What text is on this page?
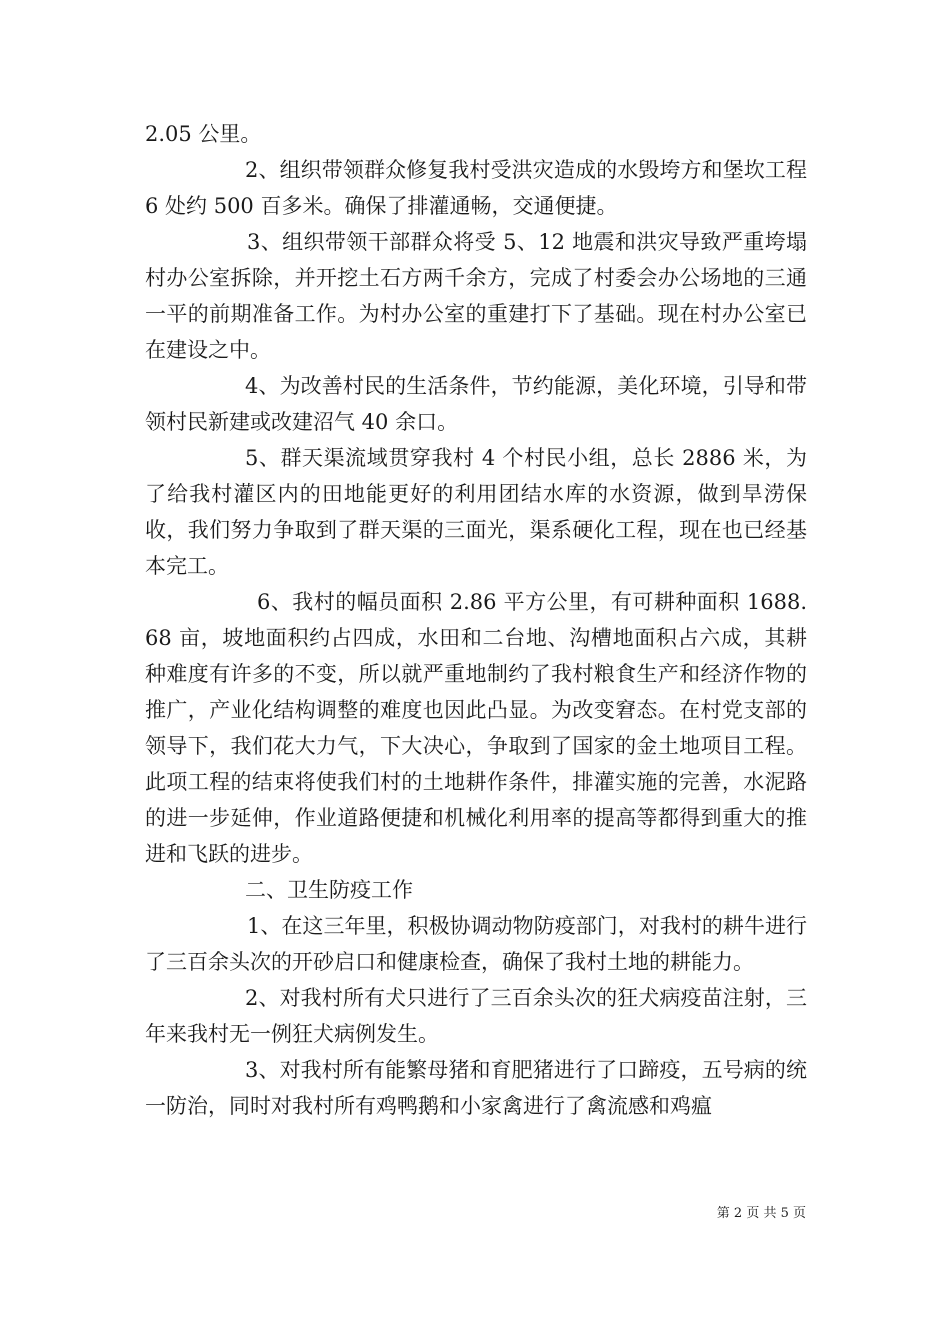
2.05 公里。

2、组织带领群众修复我村受洪灾造成的水毁垮方和堡坎工程 6 处约 500 百多米。确保了排灌通畅，交通便捷。

3、组织带领干部群众将受 5、12 地震和洪灾导致严重垮塌村办公室拆除，并开挖土石方两千余方，完成了村委会办公场地的三通一平的前期准备工作。为村办公室的重建打下了基础。现在村办公室已在建设之中。

4、为改善村民的生活条件，节约能源，美化环境，引导和带领村民新建或改建沼气 40 余口。

5、群天渠流域贯穿我村 4 个村民小组，总长 2886 米，为了给我村灌区内的田地能更好的利用团结水库的水资源，做到旱涝保收，我们努力争取到了群天渠的三面光，渠系硬化工程，现在也已经基本完工。

6、我村的幅员面积 2.86 平方公里，有可耕种面积 1688.68 亩，坡地面积约占四成，水田和二台地、沟槽地面积占六成，其耕种难度有许多的不变，所以就严重地制约了我村粮食生产和经济作物的推广，产业化结构调整的难度也因此凸显。为改变窘态。在村党支部的领导下，我们花大力气，下大决心，争取到了国家的金土地项目工程。此项工程的结束将使我们村的土地耕作条件，排灌实施的完善，水泥路的进一步延伸，作业道路便捷和机械化利用率的提高等都得到重大的推进和飞跃的进步。

二、卫生防疫工作

1、在这三年里，积极协调动物防疫部门，对我村的耕牛进行了三百余头次的开砂启口和健康检查，确保了我村土地的耕能力。

2、对我村所有犬只进行了三百余头次的狂犬病疫苗注射，三年来我村无一例狂犬病例发生。

3、对我村所有能繁母猪和育肥猪进行了口蹄疫，五号病的统一防治，同时对我村所有鸡鸭鹅和小家禽进行了禽流感和鸡瘟

第 2 页 共 5 页
